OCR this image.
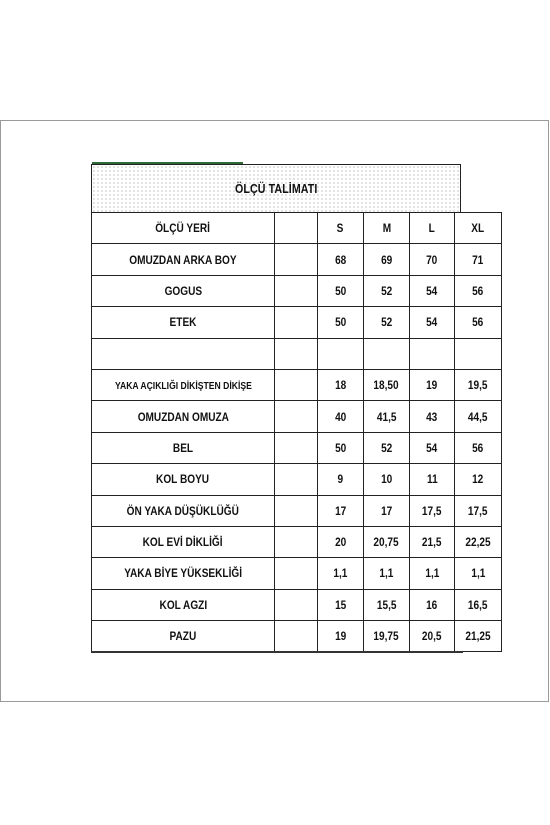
ÖLÇÜ TALİMATI
ÖLÇÜ YERİ		S	M	L	XL
OMUZDAN ARKA BOY		68	69	70	71
GOGUS		50	52	54	56
ETEK		50	52	54	56

YAKA AÇIKLIĞI DİKİŞTEN DİKİŞE		18	18,50	19	19,5
OMUZDAN OMUZA		40	41,5	43	44,5
BEL		50	52	54	56
KOL BOYU		9	10	11	12
ÖN YAKA DÜŞÜKLÜĞÜ		17	17	17,5	17,5
KOL EVİ DİKLİĞİ		20	20,75	21,5	22,25
YAKA BİYE YÜKSEKLİĞİ		1,1	1,1	1,1	1,1
KOL AGZI		15	15,5	16	16,5
PAZU		19	19,75	20,5	21,25
